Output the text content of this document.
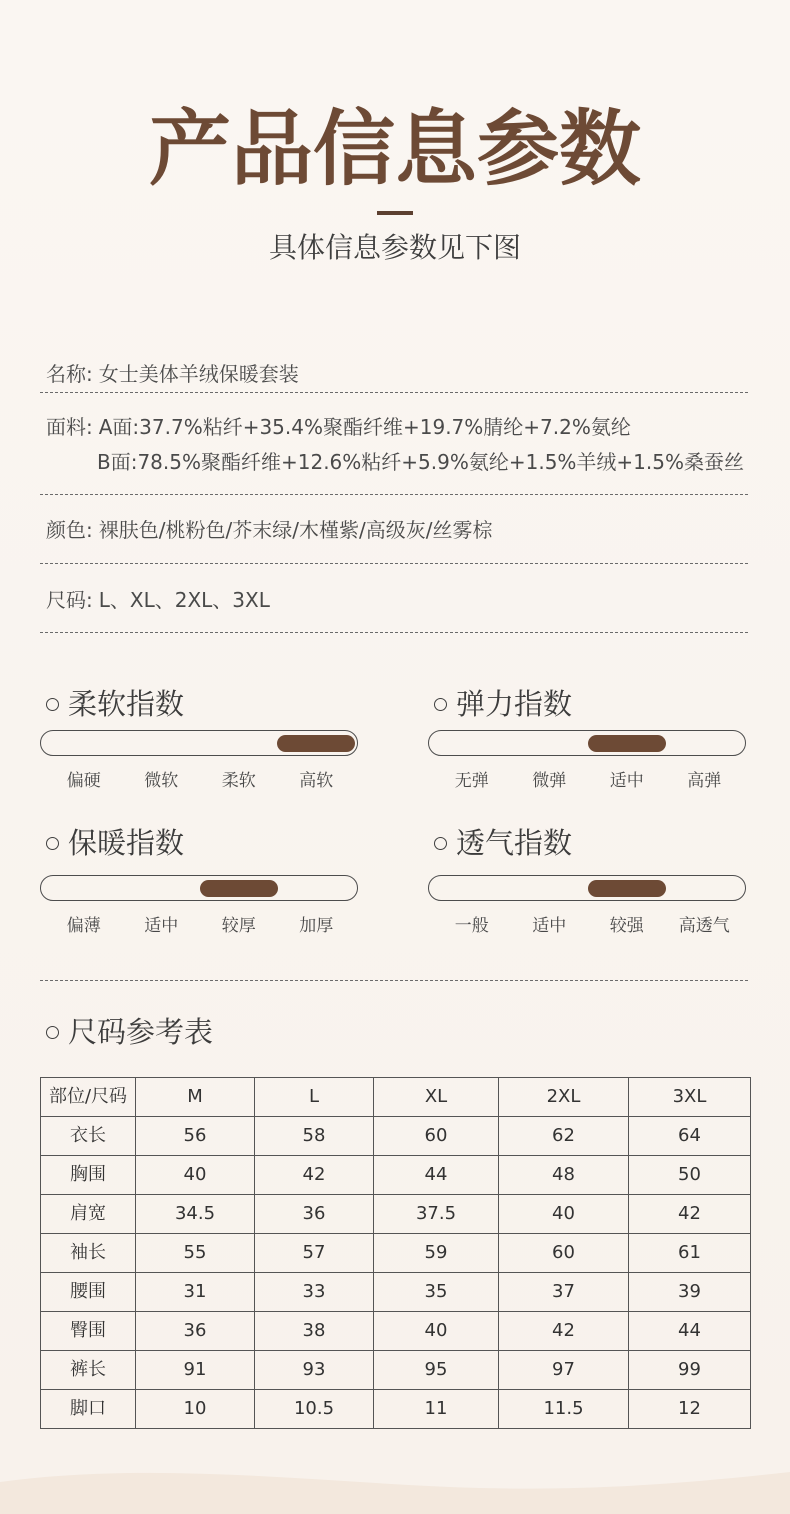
产品信息参数
具体信息参数见下图
名称: 女士美体羊绒保暖套装
面料: A面:37.7%粘纤+35.4%聚酯纤维+19.7%腈纶+7.2%氨纶
B面:78.5%聚酯纤维+12.6%粘纤+5.9%氨纶+1.5%羊绒+1.5%桑蚕丝
颜色: 裸肤色/桃粉色/芥末绿/木槿紫/高级灰/丝雾棕
尺码: L、XL、2XL、3XL
柔软指数
偏硬	微软	柔软	高软
弹力指数
无弹	微弹	适中	高弹
保暖指数
偏薄	适中	较厚	加厚
透气指数
一般	适中	较强	高透气
尺码参考表
部位/尺码	M	L	XL	2XL	3XL
衣长	56	58	60	62	64
胸围	40	42	44	48	50
肩宽	34.5	36	37.5	40	42
袖长	55	57	59	60	61
腰围	31	33	35	37	39
臀围	36	38	40	42	44
裤长	91	93	95	97	99
脚口	10	10.5	11	11.5	12
